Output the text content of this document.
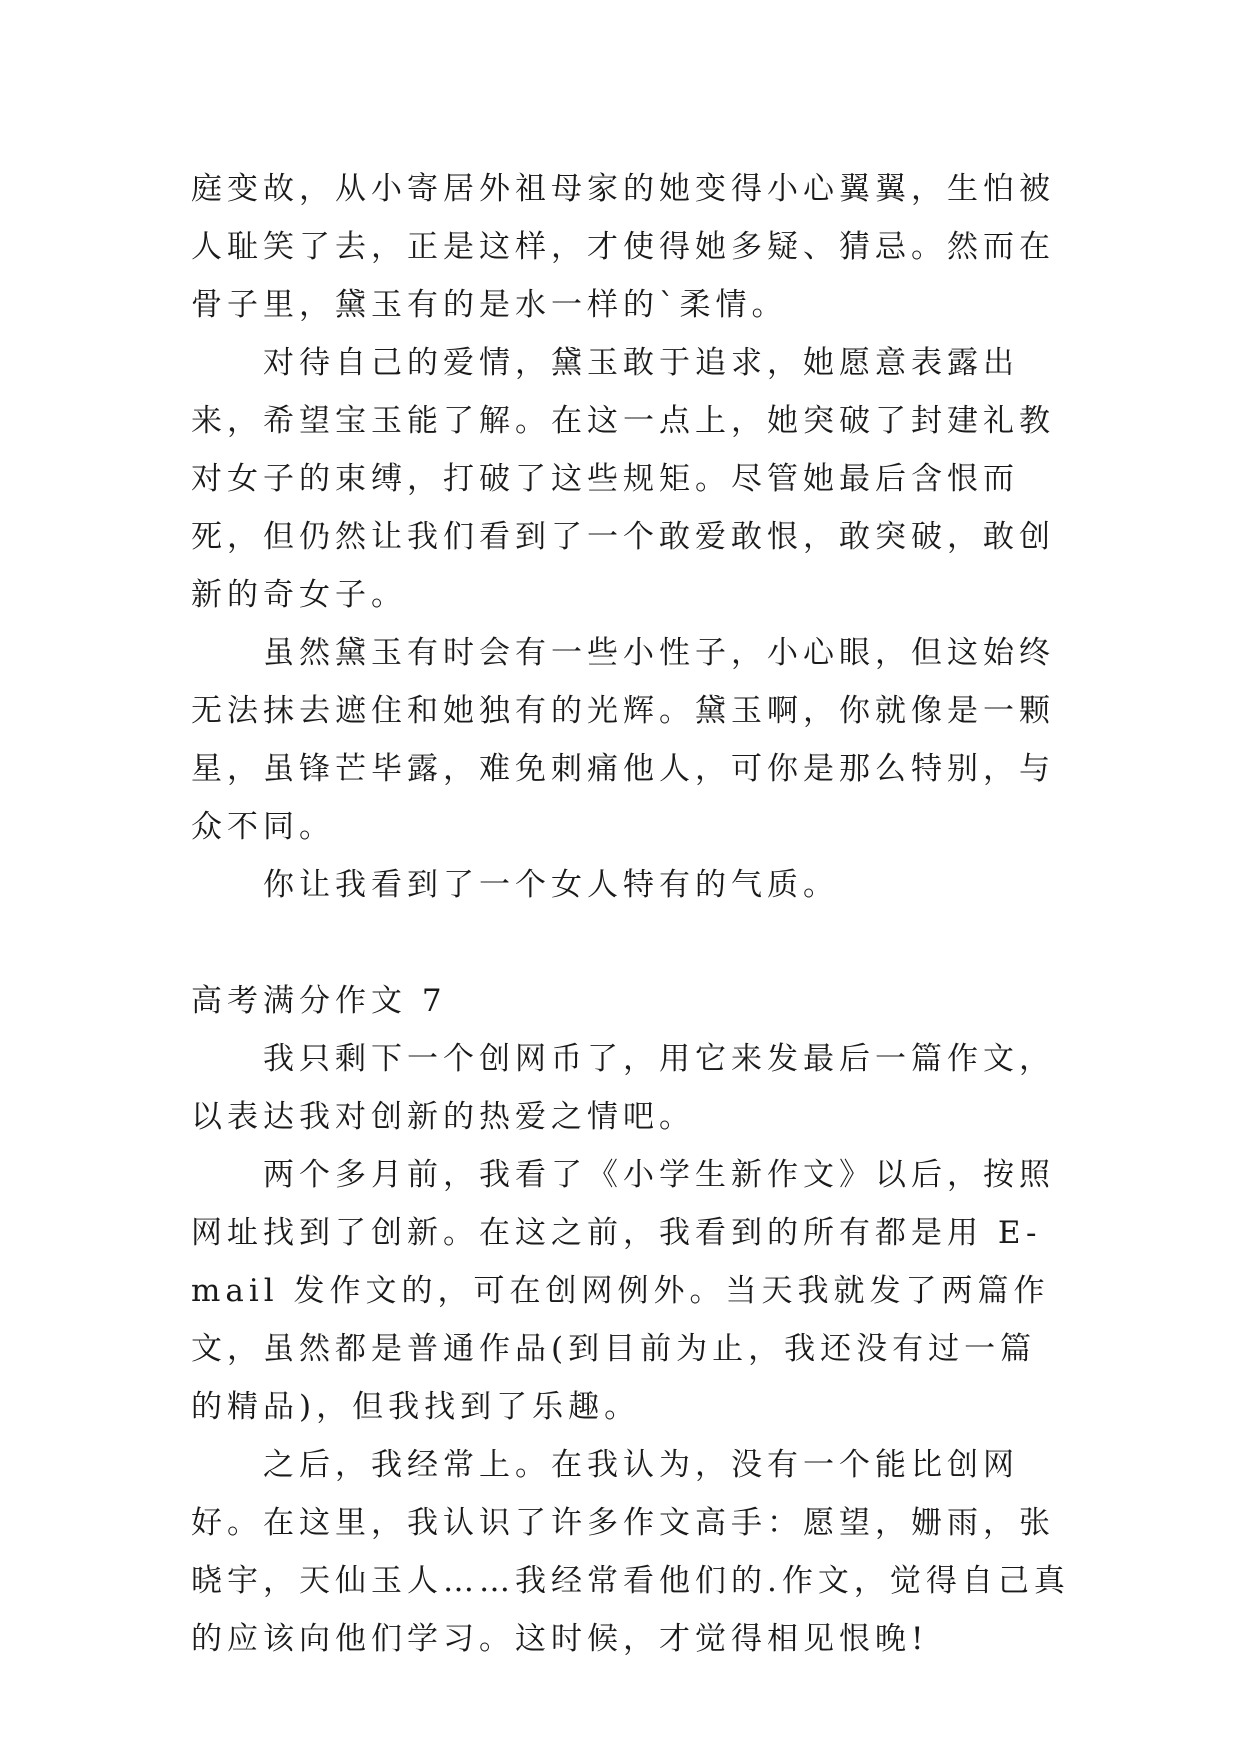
庭变故，从小寄居外祖母家的她变得小心翼翼，生怕被人耻笑了去，正是这样，才使得她多疑、猜忌。然而在骨子里，黛玉有的是水一样的`柔情。

　　对待自己的爱情，黛玉敢于追求，她愿意表露出来，希望宝玉能了解。在这一点上，她突破了封建礼教对女子的束缚，打破了这些规矩。尽管她最后含恨而死，但仍然让我们看到了一个敢爱敢恨，敢突破，敢创新的奇女子。

　　虽然黛玉有时会有一些小性子，小心眼，但这始终无法抹去遮住和她独有的光辉。黛玉啊，你就像是一颗星，虽锋芒毕露，难免刺痛他人，可你是那么特别，与众不同。

　　你让我看到了一个女人特有的气质。

高考满分作文 7

　　我只剩下一个创网币了，用它来发最后一篇作文，以表达我对创新的热爱之情吧。

　　两个多月前，我看了《小学生新作文》以后，按照网址找到了创新。在这之前，我看到的所有都是用 E-mail 发作文的，可在创网例外。当天我就发了两篇作文，虽然都是普通作品(到目前为止，我还没有过一篇的精品)，但我找到了乐趣。

　　之后，我经常上。在我认为，没有一个能比创网好。在这里，我认识了许多作文高手：愿望，姗雨，张晓宇，天仙玉人……我经常看他们的.作文，觉得自己真的应该向他们学习。这时候，才觉得相见恨晚!
